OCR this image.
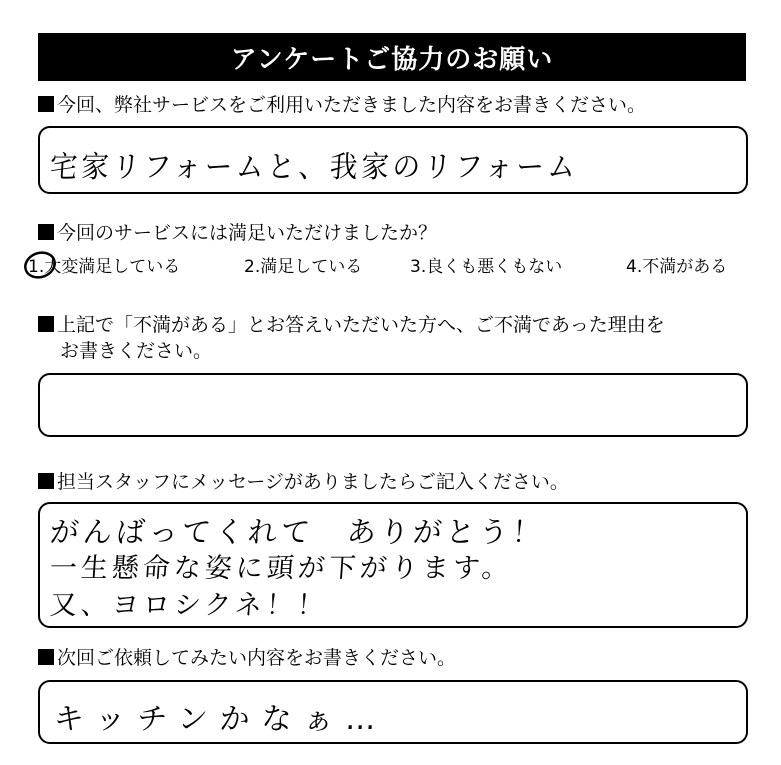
アンケートご協力のお願い
今回、弊社サービスをご利用いただきました内容をお書きください。
宅家リフォームと、我家のリフォーム
今回のサービスには満足いただけましたか？
1.大変満足している	2.満足している	3.良くも悪くもない	4.不満がある
上記で「不満がある」とお答えいただいた方へ、ご不満であった理由を
お書きください。
担当スタッフにメッセージがありましたらご記入ください。
がんばってくれて　ありがとう！
一生懸命な姿に頭が下がります。
又、ヨロシクネ！！
次回ご依頼してみたい内容をお書きください。
キッチンかなぁ…
